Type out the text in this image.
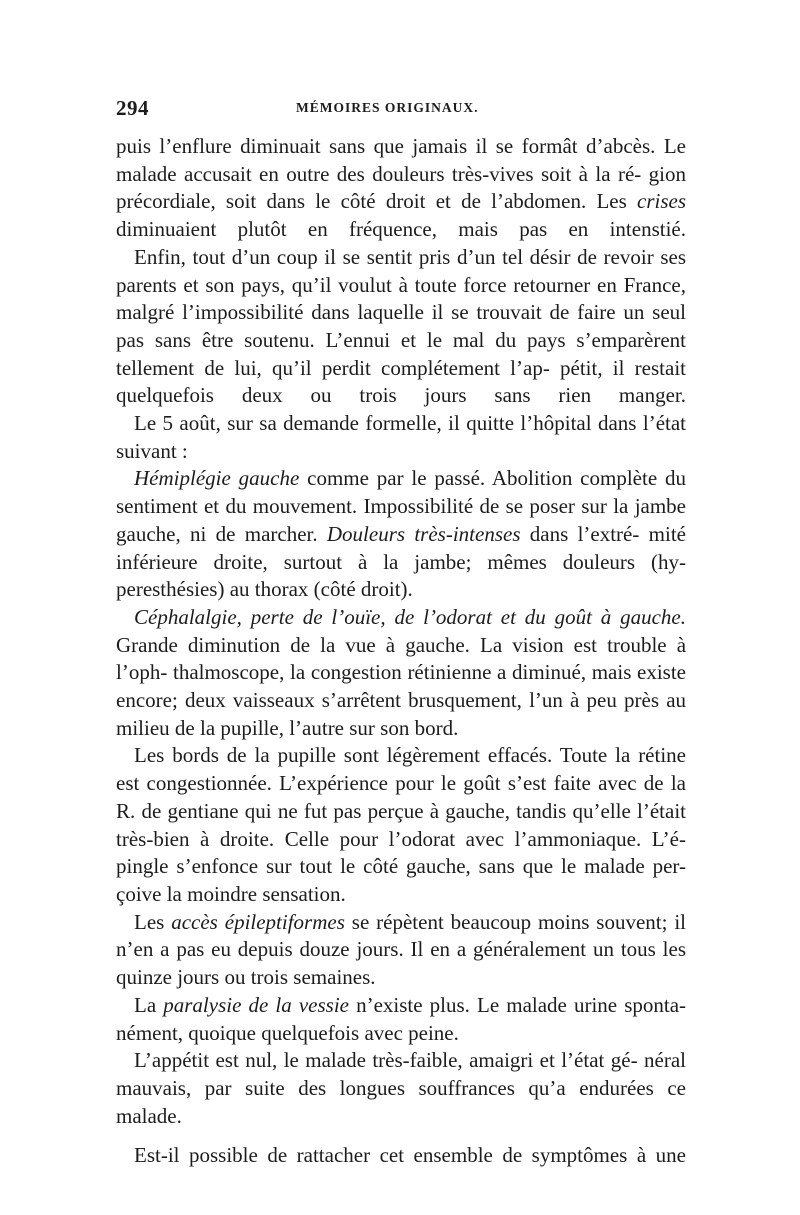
294	MÉMOIRES ORIGINAUX.

puis l’enflure diminuait sans que jamais il se formât d’abcès. Le malade accusait en outre des douleurs très-vives soit à la ré- gion précordiale, soit dans le côté droit et de l’abdomen. Les crises diminuaient plutôt en fréquence, mais pas en intenstié.

Enfin, tout d’un coup il se sentit pris d’un tel désir de revoir ses parents et son pays, qu’il voulut à toute force retourner en France, malgré l’impossibilité dans laquelle il se trouvait de faire un seul pas sans être soutenu. L’ennui et le mal du pays s’emparèrent tellement de lui, qu’il perdit complétement l’ap- pétit, il restait quelquefois deux ou trois jours sans rien manger.

Le 5 août, sur sa demande formelle, il quitte l’hôpital dans l’état suivant :

Hémiplégie gauche comme par le passé. Abolition complète du sentiment et du mouvement. Impossibilité de se poser sur la jambe gauche, ni de marcher. Douleurs très-intenses dans l’extré- mité inférieure droite, surtout à la jambe; mêmes douleurs (hy- peresthésies) au thorax (côté droit).

Céphalalgie, perte de l’ouïe, de l’odorat et du goût à gauche. Grande diminution de la vue à gauche. La vision est trouble à l’oph- thalmoscope, la congestion rétinienne a diminué, mais existe encore; deux vaisseaux s’arrêtent brusquement, l’un à peu près au milieu de la pupille, l’autre sur son bord.

Les bords de la pupille sont légèrement effacés. Toute la rétine est congestionnée. L’expérience pour le goût s’est faite avec de la R. de gentiane qui ne fut pas perçue à gauche, tandis qu’elle l’était très-bien à droite. Celle pour l’odorat avec l’ammoniaque. L’é- pingle s’enfonce sur tout le côté gauche, sans que le malade per- çoive la moindre sensation.

Les accès épileptiformes se répètent beaucoup moins souvent; il n’en a pas eu depuis douze jours. Il en a généralement un tous les quinze jours ou trois semaines.

La paralysie de la vessie n’existe plus. Le malade urine sponta- nément, quoique quelquefois avec peine.

L’appétit est nul, le malade très-faible, amaigri et l’état gé- néral mauvais, par suite des longues souffrances qu’a endurées ce malade.

Est-il possible de rattacher cet ensemble de symptômes à une
